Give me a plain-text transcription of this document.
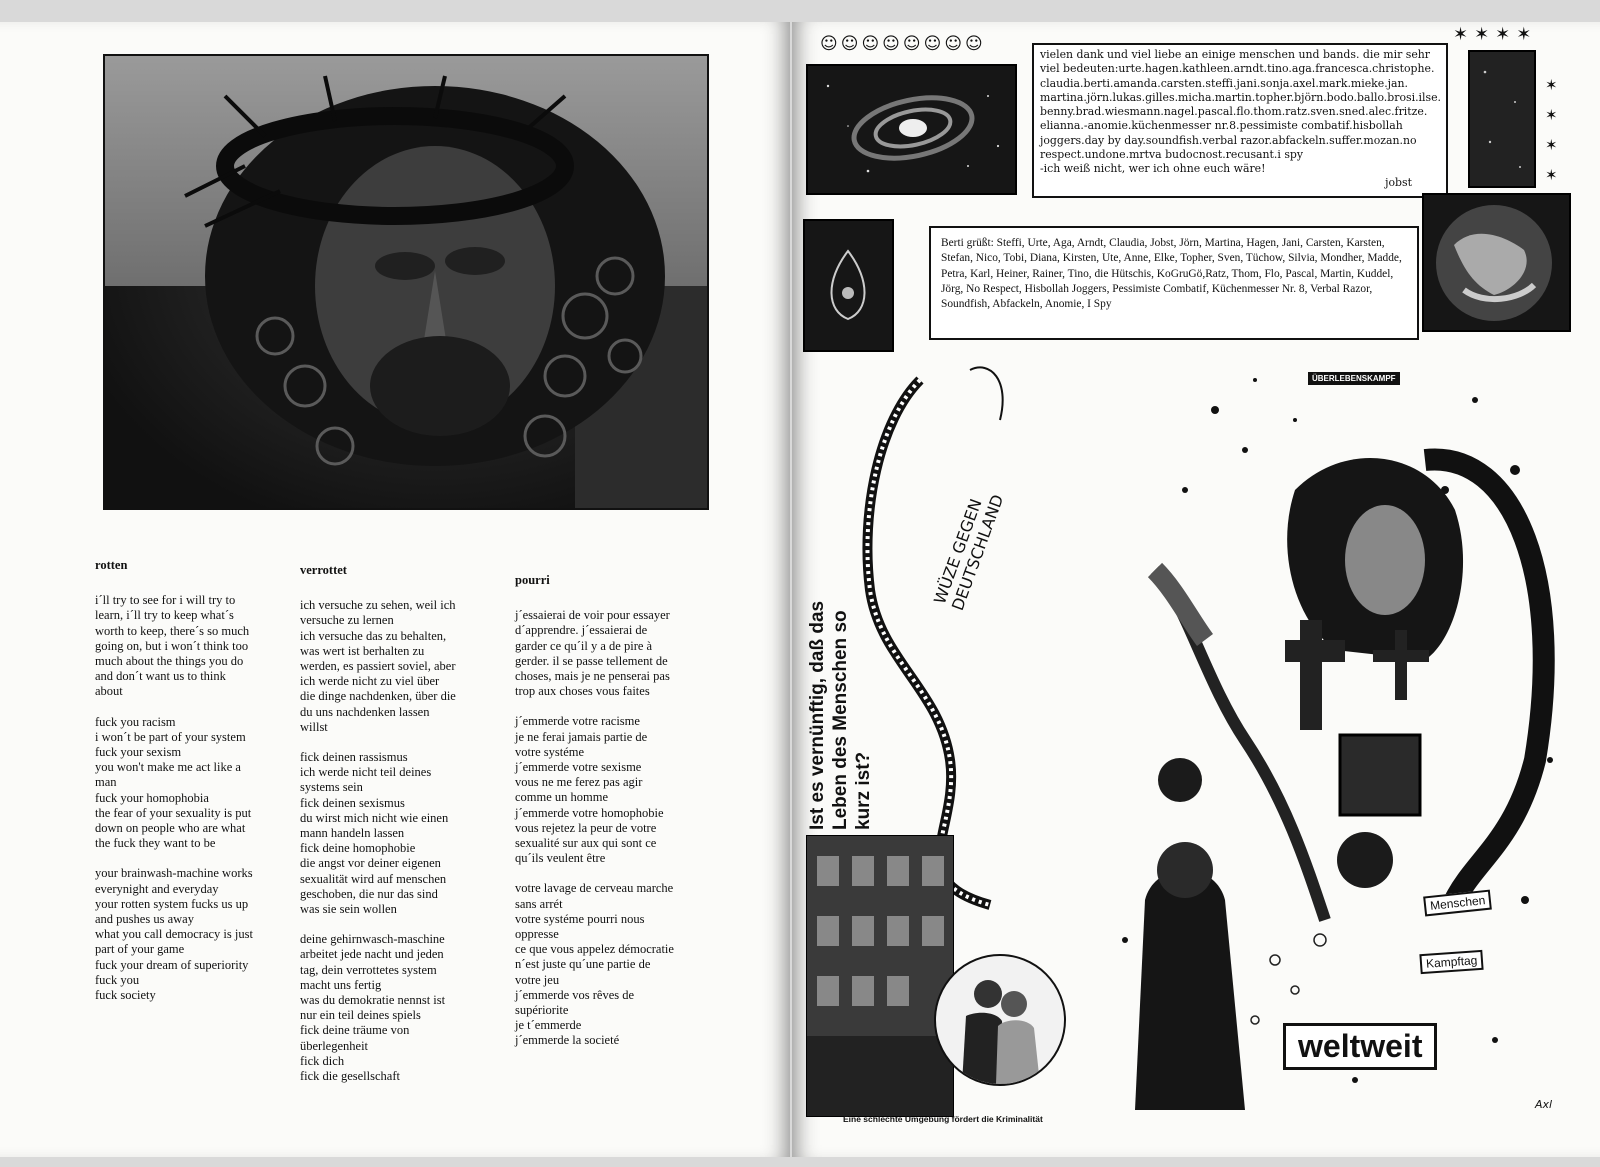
rotten
i´ll try to see for i will try to
learn, i´ll try to keep what´s
worth to keep, there´s so much
going on, but i won´t think too
much about the things you do
and don´t want us to think
about
fuck you racism
i won´t be part of your system
fuck your sexism
you won't make me act like a
man
fuck your homophobia
the fear of your sexuality is put
down on people who are what
the fuck they want to be
your brainwash-machine works
everynight and everyday
your rotten system fucks us up
and pushes us away
what you call democracy is just
part of your game
fuck your dream of superiority
fuck you
fuck society
verrottet
ich versuche zu sehen, weil ich
versuche zu lernen
ich versuche das zu behalten,
was wert ist berhalten zu
werden, es passiert soviel, aber
ich werde nicht zu viel über
die dinge nachdenken, über die
du uns nachdenken lassen
willst
fick deinen rassismus
ich werde nicht teil deines
systems sein
fick deinen sexismus
du wirst mich nicht wie einen
mann handeln lassen
fick deine homophobie
die angst vor deiner eigenen
sexualität wird auf menschen
geschoben, die nur das sind
was sie sein wollen
deine gehirnwasch-maschine
arbeitet jede nacht und jeden
tag, dein verrottetes system
macht uns fertig
was du demokratie nennst ist
nur ein teil deines spiels
fick deine träume von
überlegenheit
fick dich
fick die gesellschaft
pourri
j´essaierai de voir pour essayer
d´apprendre. j´essaierai de
garder ce qu´il y a de pire à
gerder. il se passe tellement de
choses, mais je ne penserai pas
trop aux choses vous faites
j´emmerde votre racisme
je ne ferai jamais partie de
votre systéme
j´emmerde votre sexisme
vous ne me ferez pas agir
comme un homme
j´emmerde votre homophobie
vous rejetez la peur de votre
sexualité sur aux qui sont ce
qu´ils veulent être
votre lavage de cerveau marche
sans arrét
votre systéme pourri nous
oppresse
ce que vous appelez démocratie
n´est juste qu´une partie de
votre jeu
j´emmerde vos rêves de
supériorite
je t´emmerde
j´emmerde la societé
☺☺☺☺☺☺☺☺	✶✶✶✶
✶
✶
✶
✶
vielen dank und viel liebe an einige menschen und bands. die mir sehr viel bedeuten:urte.hagen.kathleen.arndt.tino.aga.francesca.christophe. claudia.berti.amanda.carsten.steffi.jani.sonja.axel.mark.mieke.jan. martina.jörn.lukas.gilles.micha.martin.topher.björn.bodo.ballo.brosi.ilse. benny.brad.wiesmann.nagel.pascal.flo.thom.ratz.sven.sned.alec.fritze. elianna.-anomie.küchenmesser nr.8.pessimiste combatif.hisbollah joggers.day by day.soundfish.verbal razor.abfackeln.suffer.mozan.no respect.undone.mrtva budocnost.recusant.i spy
-ich weiß nicht, wer ich ohne euch wäre!
jobst
Berti grüßt: Steffi, Urte, Aga, Arndt, Claudia, Jobst, Jörn, Martina, Hagen, Jani, Carsten, Karsten, Stefan, Nico, Tobi, Diana, Kirsten, Ute, Anne, Elke, Topher, Sven, Tüchow, Silvia, Mondher, Madde, Petra, Karl, Heiner, Rainer, Tino, die Hütschis, KoGruGö,Ratz, Thom, Flo, Pascal, Martin, Kuddel, Jörg, No Respect, Hisbollah Joggers, Pessimiste Combatif, Küchenmesser Nr. 8, Verbal Razor, Soundfish, Abfackeln, Anomie, I Spy
WÜZE GEGEN DEUTSCHLAND
Ist es vernünftig, daß das Leben des Menschen so kurz ist?
Eine schlechte Umgebung fördert die Kriminalität
ÜBERLEBENSKAMPF
Menschen
Kampftag
weltweit
Axl
